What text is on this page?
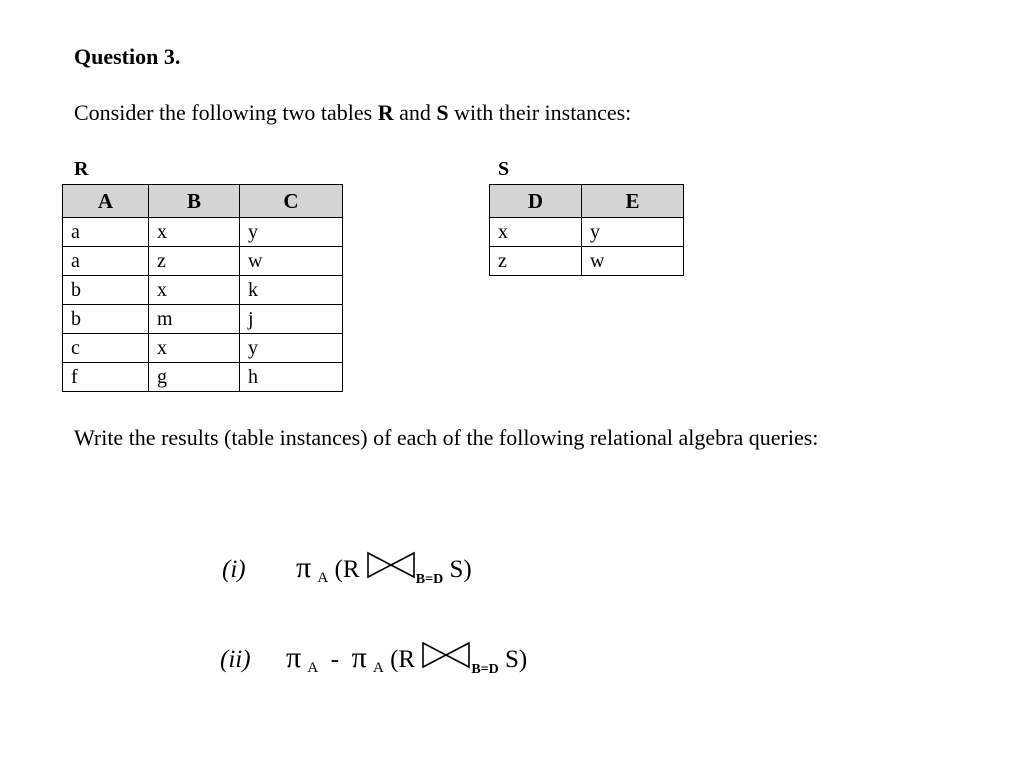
Question 3.
Consider the following two tables R and S with their instances:
R
A	B	C
a	x	y
a	z	w
b	x	k
b	m	j
c	x	y
f	g	h
S
D	E
x	y
z	w
Write the results (table instances) of each of the following relational algebra queries:
(i) π $_A$ (R	$_{B=D}$ S)
(ii) π $_A$ - π $_A$ (R	$_{B=D}$ S)
